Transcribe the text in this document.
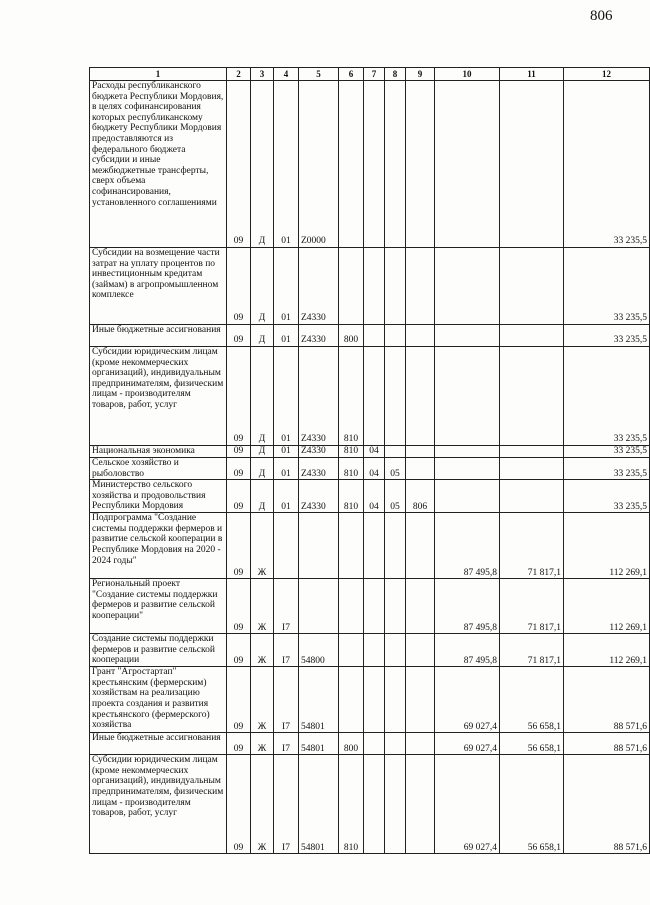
806
1	2	3	4	5	6	7	8	9	10	11	12
Расходы республиканского бюджета Республики Мордовия, в целях софинансирования которых республиканскому бюджету Республики Мордовия предоставляются из федерального бюджета субсидии и иные межбюджетные трансферты, сверх объема софинансирования, установленного соглашениями	09	Д	01	Z0000							33 235,5
Субсидии на возмещение части затрат на уплату процентов по инвестиционным кредитам (займам) в агропромышленном комплексе	09	Д	01	Z4330							33 235,5
Иные бюджетные ассигнования	09	Д	01	Z4330	800						33 235,5
Субсидии юридическим лицам (кроме некоммерческих организаций), индивидуальным предпринимателям, физическим лицам - производителям товаров, работ, услуг	09	Д	01	Z4330	810						33 235,5
Национальная экономика	09	Д	01	Z4330	810	04					33 235,5
Сельское хозяйство и рыболовство	09	Д	01	Z4330	810	04	05				33 235,5
Министерство сельского хозяйства и продовольствия Республики Мордовия	09	Д	01	Z4330	810	04	05	806			33 235,5
Подпрограмма "Создание системы поддержки фермеров и развитие сельской кооперации в Республике Мордовия на 2020 - 2024 годы"	09	Ж							87 495,8	71 817,1	112 269,1
Региональный проект "Создание системы поддержки фермеров и развитие сельской кооперации"	09	Ж	I7						87 495,8	71 817,1	112 269,1
Создание системы поддержки фермеров и развитие сельской кооперации	09	Ж	I7	54800					87 495,8	71 817,1	112 269,1
Грант "Агростартап" крестьянским (фермерским) хозяйствам на реализацию проекта создания и развития крестьянского (фермерского) хозяйства	09	Ж	I7	54801					69 027,4	56 658,1	88 571,6
Иные бюджетные ассигнования	09	Ж	I7	54801	800				69 027,4	56 658,1	88 571,6
Субсидии юридическим лицам (кроме некоммерческих организаций), индивидуальным предпринимателям, физическим лицам - производителям товаров, работ, услуг	09	Ж	I7	54801	810				69 027,4	56 658,1	88 571,6
